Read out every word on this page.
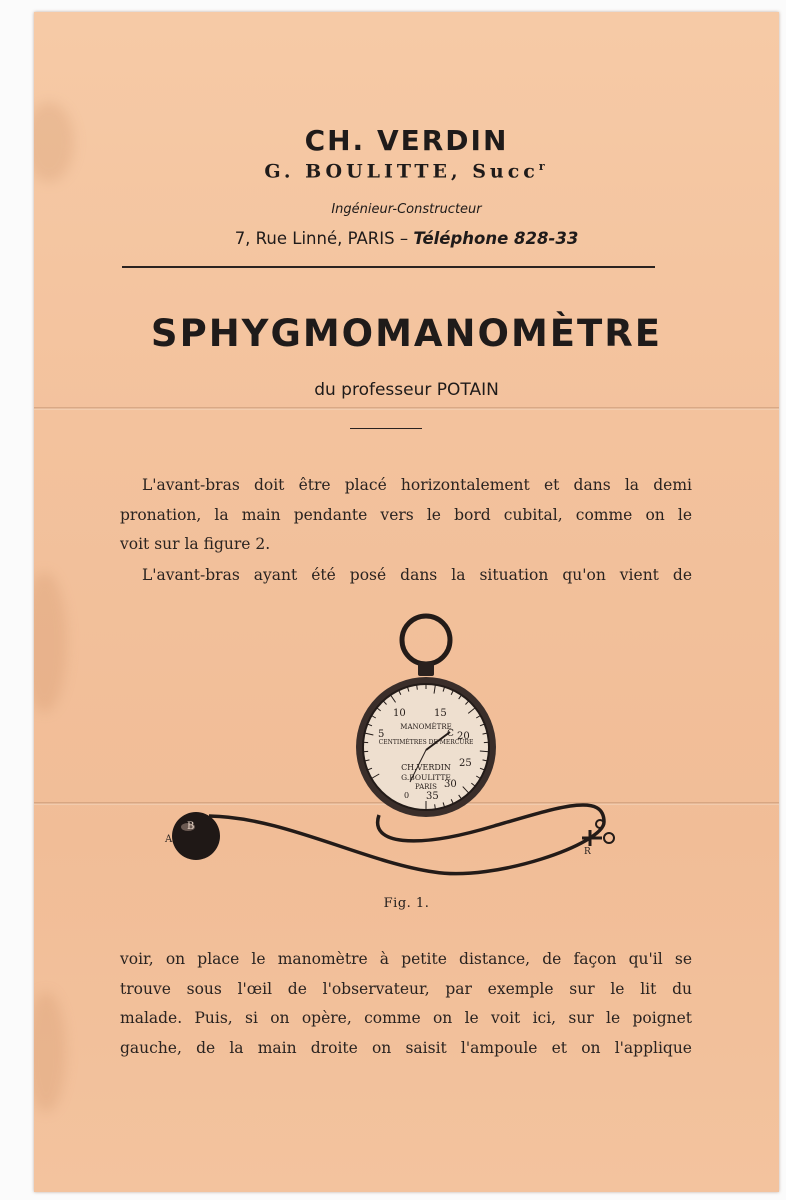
CH. VERDIN
G. BOULITTE, Succ$^r$
Ingénieur-Constructeur
7, Rue Linné, PARIS – Téléphone 828-33
SPHYGMOMANOMÈTRE
du professeur POTAIN
L'avant-bras doit être placé horizontalement et dans la demi
pronation, la main pendante vers le bord cubital, comme on le
voit sur la figure 2.
L'avant-bras ayant été posé dans la situation qu'on vient de
A
B
R
5
10	15
20
25
30
35
0
C
MANOMÈTRE
CENTIMÈTRES DE MERCURE
CH.VERDIN
G.BOULITTE
PARIS
Fig. 1.
voir, on place le manomètre à petite distance, de façon qu'il se
trouve sous l'œil de l'observateur, par exemple sur le lit du
malade. Puis, si on opère, comme on le voit ici, sur le poignet
gauche, de la main droite on saisit l'ampoule et on l'applique
